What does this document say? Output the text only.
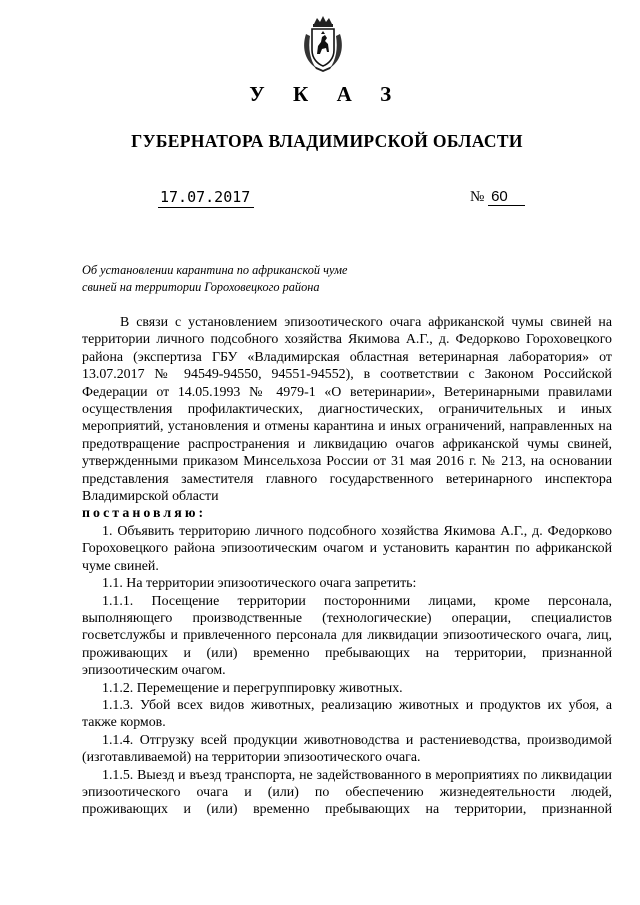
У К А З
ГУБЕРНАТОРА ВЛАДИМИРСКОЙ ОБЛАСТИ
17.07.2017	№ 60
Об установлении карантина по африканской чуме
свиней на территории Гороховецкого района

В связи с установлением эпизоотического очага африканской чумы свиней на территории личного подсобного хозяйства Якимова А.Г., д. Федорково Гороховецкого района (экспертиза ГБУ «Владимирская областная ветеринарная лаборатория» от 13.07.2017 № 94549-94550, 94551-94552), в соответствии с Законом Российской Федерации от 14.05.1993 № 4979-1 «О ветеринарии», Ветеринарными правилами осуществления профилактических, диагностических, ограничительных и иных мероприятий, установления и отмены карантина и иных ограничений, направленных на предотвращение распространения и ликвидацию очагов африканской чумы свиней, утвержденными приказом Минсельхоза России от 31 мая 2016 г. № 213, на основании представления заместителя главного государственного ветеринарного инспектора Владимирской области

постановляю:

1. Объявить территорию личного подсобного хозяйства Якимова А.Г., д. Федорково Гороховецкого района эпизоотическим очагом и установить карантин по африканской чуме свиней.

1.1. На территории эпизоотического очага запретить:

1.1.1. Посещение территории посторонними лицами, кроме персонала, выполняющего производственные (технологические) операции, специалистов госветслужбы и привлеченного персонала для ликвидации эпизоотического очага, лиц, проживающих и (или) временно пребывающих на территории, признанной эпизоотическим очагом.

1.1.2. Перемещение и перегруппировку животных.

1.1.3. Убой всех видов животных, реализацию животных и продуктов их убоя, а также кормов.

1.1.4. Отгрузку всей продукции животноводства и растениеводства, производимой (изготавливаемой) на территории эпизоотического очага.

1.1.5. Выезд и въезд транспорта, не задействованного в мероприятиях по ликвидации эпизоотического очага и (или) по обеспечению жизнедеятельности людей, проживающих и (или) временно пребывающих на территории, признанной
